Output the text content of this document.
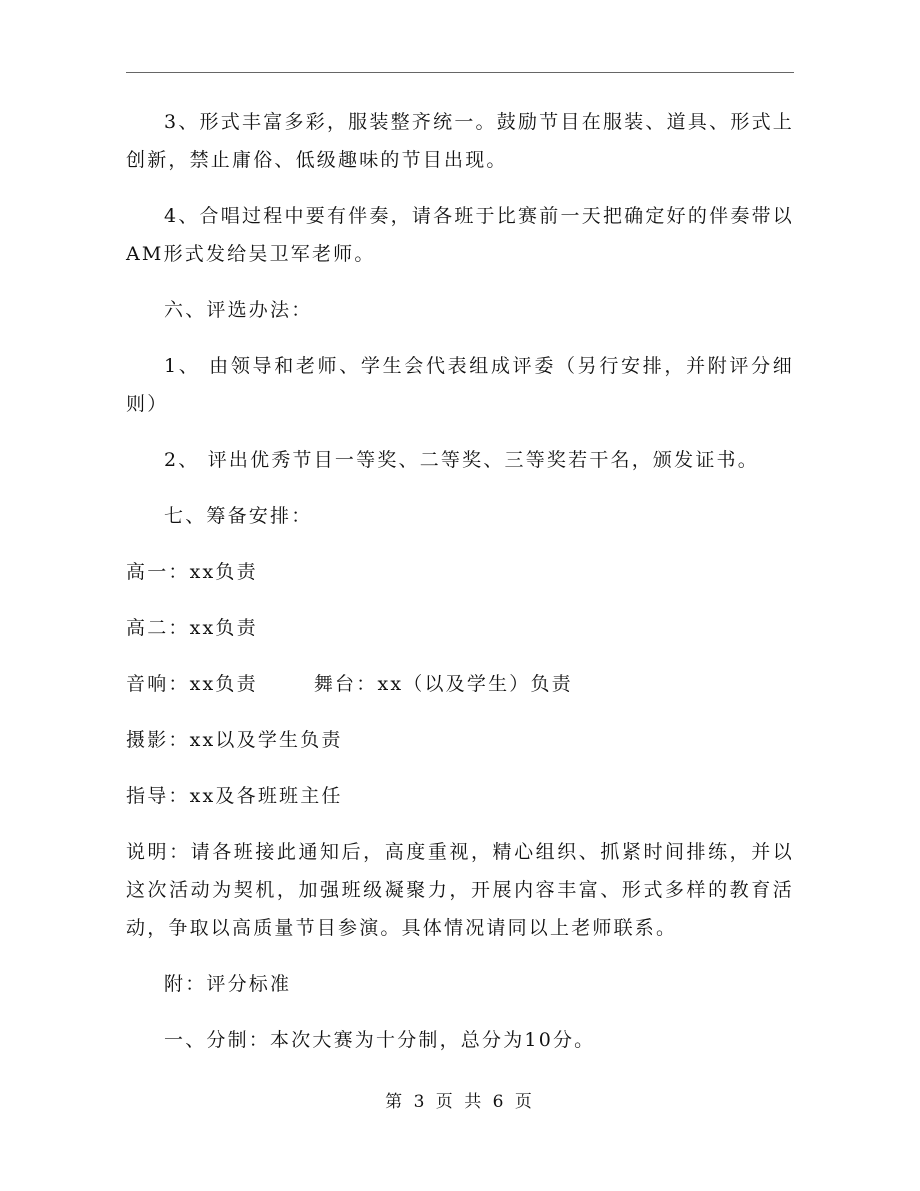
3、形式丰富多彩，服装整齐统一。鼓励节目在服装、道具、形式上创新，禁止庸俗、低级趣味的节目出现。

4、合唱过程中要有伴奏，请各班于比赛前一天把确定好的伴奏带以AM形式发给吴卫军老师。

六、评选办法：

1、 由领导和老师、学生会代表组成评委（另行安排，并附评分细则）

2、 评出优秀节目一等奖、二等奖、三等奖若干名，颁发证书。

七、筹备安排：

高一：xx负责

高二：xx负责

音响：xx负责	舞台：xx（以及学生）负责

摄影：xx以及学生负责

指导：xx及各班班主任

说明：请各班接此通知后，高度重视，精心组织、抓紧时间排练，并以这次活动为契机，加强班级凝聚力，开展内容丰富、形式多样的教育活动，争取以高质量节目参演。具体情况请同以上老师联系。

附：评分标准

一、分制：本次大赛为十分制，总分为10分。

第 3 页 共 6 页
